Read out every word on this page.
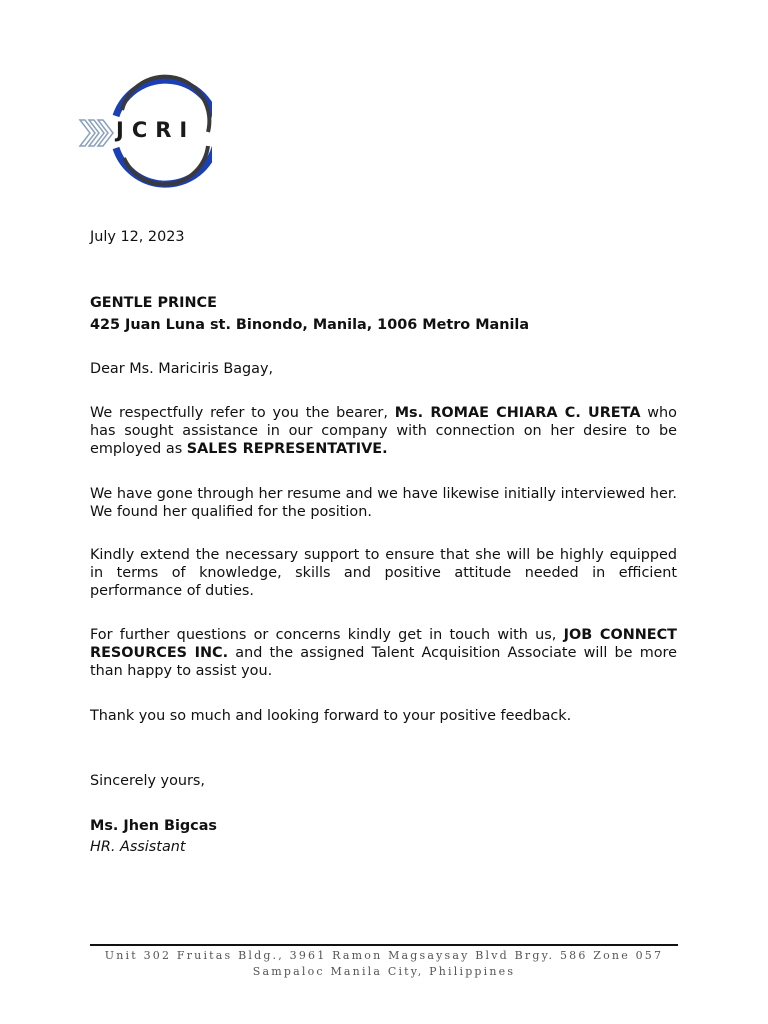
JCRI
July 12, 2023
GENTLE PRINCE
425 Juan Luna st. Binondo, Manila, 1006 Metro Manila
Dear Ms. Mariciris Bagay,
We respectfully refer to you the bearer, Ms. ROMAE CHIARA C. URETA who has sought assistance in our company with connection on her desire to be employed as SALES REPRESENTATIVE.
We have gone through her resume and we have likewise initially interviewed her. We found her qualified for the position.
Kindly extend the necessary support to ensure that she will be highly equipped in terms of knowledge, skills and positive attitude needed in efficient performance of duties.
For further questions or concerns kindly get in touch with us, JOB CONNECT RESOURCES INC. and the assigned Talent Acquisition Associate will be more than happy to assist you.
Thank you so much and looking forward to your positive feedback.
Sincerely yours,
Ms. Jhen Bigcas
HR. Assistant
Unit 302 Fruitas Bldg., 3961 Ramon Magsaysay Blvd Brgy. 586 Zone 057
Sampaloc Manila City, Philippines
